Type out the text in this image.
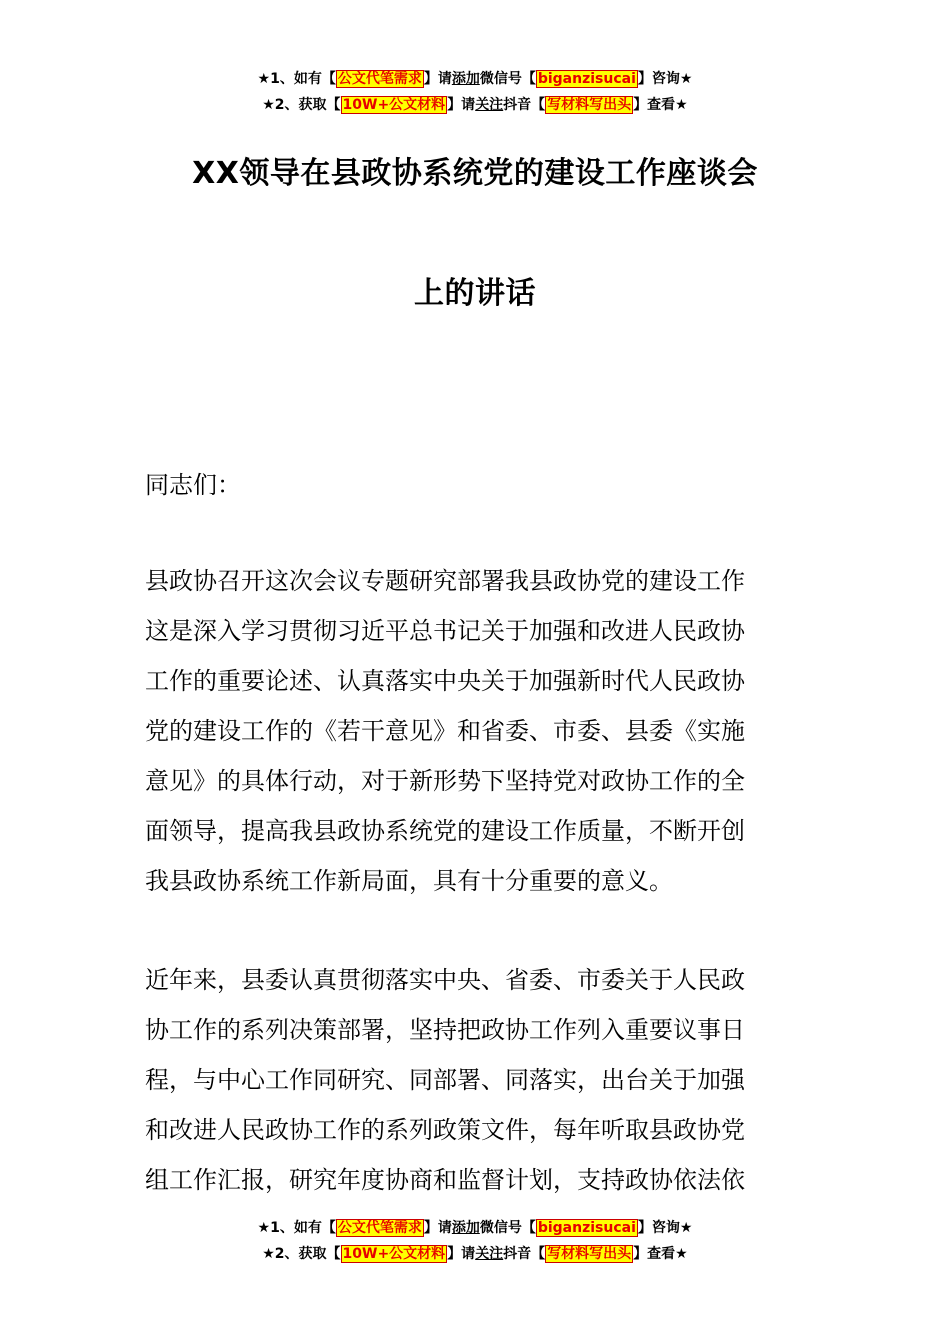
★1、如有【 公文代笔需求 】请添加微信号【 biganzisucai 】咨询★
★2、获取【 10W+公文材料 】请关注抖音【 写材料写出头 】查看★
XX领导在县政协系统党的建设工作座谈会
上的讲话
同志们：
县政协召开这次会议专题研究部署我县政协党的建设工作
这是深入学习贯彻习近平总书记关于加强和改进人民政协
工作的重要论述、认真落实中央关于加强新时代人民政协
党的建设工作的《若干意见》和省委、市委、县委《实施
意见》的具体行动，对于新形势下坚持党对政协工作的全
面领导，提高我县政协系统党的建设工作质量，不断开创
我县政协系统工作新局面，具有十分重要的意义。
近年来，县委认真贯彻落实中央、省委、市委关于人民政
协工作的系列决策部署，坚持把政协工作列入重要议事日
程，与中心工作同研究、同部署、同落实，出台关于加强
和改进人民政协工作的系列政策文件，每年听取县政协党
组工作汇报，研究年度协商和监督计划，支持政协依法依
★1、如有【 公文代笔需求 】请添加微信号【 biganzisucai 】咨询★
★2、获取【 10W+公文材料 】请关注抖音【 写材料写出头 】查看★
